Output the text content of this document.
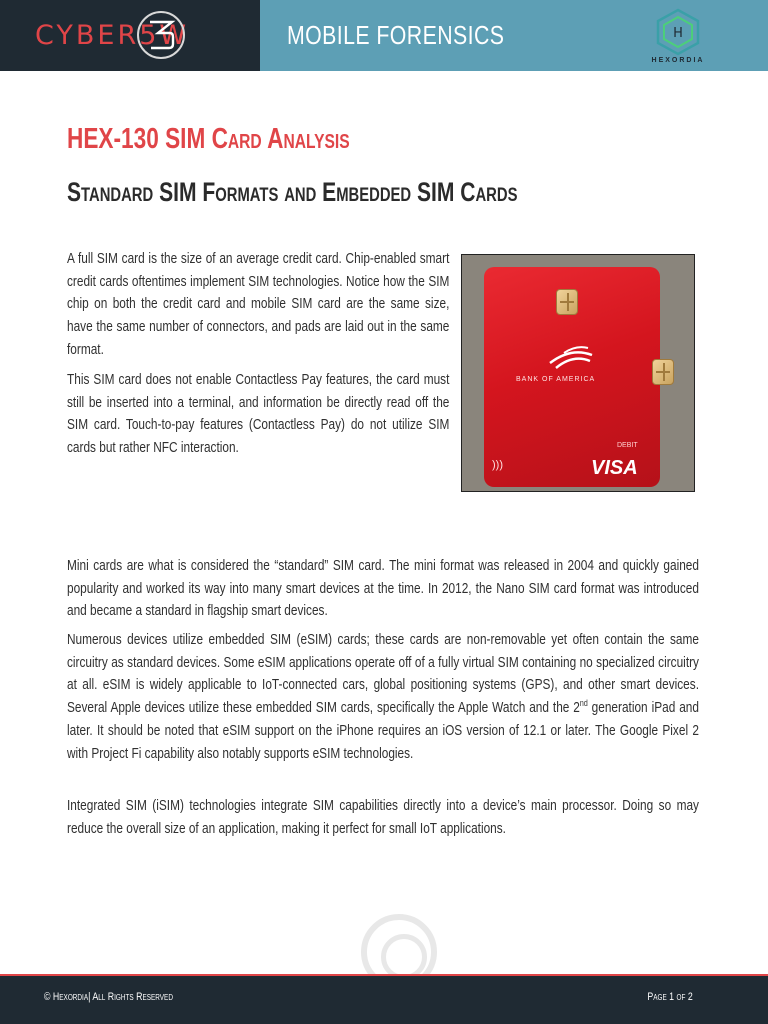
CYBER5W	MOBILE FORENSICS	H
HEXORDIA
HEX-130 SIM Card Analysis
Standard SIM Formats and Embedded SIM Cards

A full SIM card is the size of an average credit card. Chip-enabled smart credit cards oftentimes implement SIM technologies. Notice how the SIM chip on both the credit card and mobile SIM card are the same size, have the same number of connectors, and pads are laid out in the same format.

This SIM card does not enable Contactless Pay features, the card must still be inserted into a terminal, and information be directly read off the SIM card. Touch-to-pay features (Contactless Pay) do not utilize SIM cards but rather NFC interaction.

BANK OF AMERICA
DEBIT
VISA
)))

Mini cards are what is considered the “standard” SIM card. The mini format was released in 2004 and quickly gained popularity and worked its way into many smart devices at the time. In 2012, the Nano SIM card format was introduced and became a standard in flagship smart devices.

Numerous devices utilize embedded SIM (eSIM) cards; these cards are non-removable yet often contain the same circuitry as standard devices. Some eSIM applications operate off of a fully virtual SIM containing no specialized circuitry at all. eSIM is widely applicable to IoT-connected cars, global positioning systems (GPS), and other smart devices. Several Apple devices utilize these embedded SIM cards, specifically the Apple Watch and the 2nd generation iPad and later. It should be noted that eSIM support on the iPhone requires an iOS version of 12.1 or later. The Google Pixel 2 with Project Fi capability also notably supports eSIM technologies.

Integrated SIM (iSIM) technologies integrate SIM capabilities directly into a device’s main processor. Doing so may reduce the overall size of an application, making it perfect for small IoT applications.

© Hexordia| All Rights Reserved	Page 1 of 2
